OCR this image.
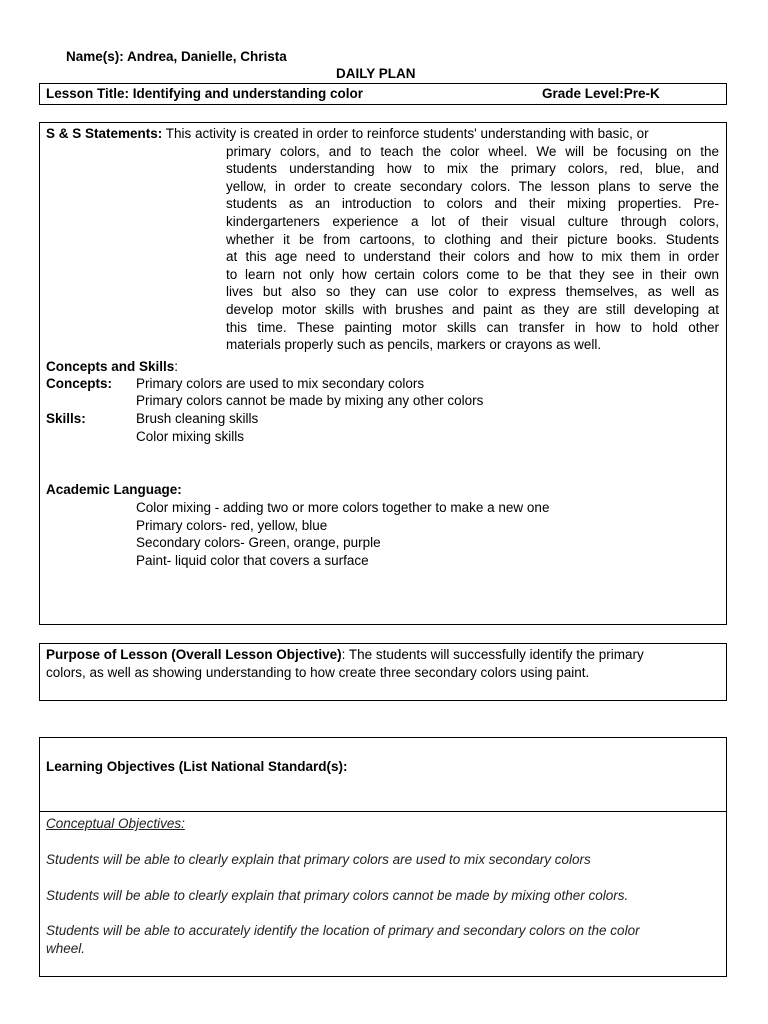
Name(s): Andrea, Danielle, Christa
DAILY PLAN
Lesson Title: Identifying and understanding color	Grade Level:Pre-K
S & S Statements: This activity is created in order to reinforce students' understanding with basic, or
primary colors, and to teach the color wheel. We will be focusing on the
students understanding how to mix the primary colors, red, blue, and
yellow, in order to create secondary colors. The lesson plans to serve the
students as an introduction to colors and their mixing properties. Pre-
kindergarteners experience a lot of their visual culture through colors,
whether it be from cartoons, to clothing and their picture books. Students
at this age need to understand their colors and how to mix them in order
to learn not only how certain colors come to be that they see in their own
lives but also so they can use color to express themselves, as well as
develop motor skills with brushes and paint as they are still developing at
this time. These painting motor skills can transfer in how to hold other
materials properly such as pencils, markers or crayons as well.
Concepts and Skills:
Concepts: Primary colors are used to mix secondary colors
Primary colors cannot be made by mixing any other colors
Skills:	Brush cleaning skills
Color mixing skills
Academic Language:
Color mixing - adding two or more colors together to make a new one
Primary colors- red, yellow, blue
Secondary colors- Green, orange, purple
Paint- liquid color that covers a surface
Purpose of Lesson (Overall Lesson Objective): The students will successfully identify the primary
colors, as well as showing understanding to how create three secondary colors using paint.
Learning Objectives (List National Standard(s):
Conceptual Objectives:
Students will be able to clearly explain that primary colors are used to mix secondary colors
Students will be able to clearly explain that primary colors cannot be made by mixing other colors.
Students will be able to accurately identify the location of primary and secondary colors on the color
wheel.
